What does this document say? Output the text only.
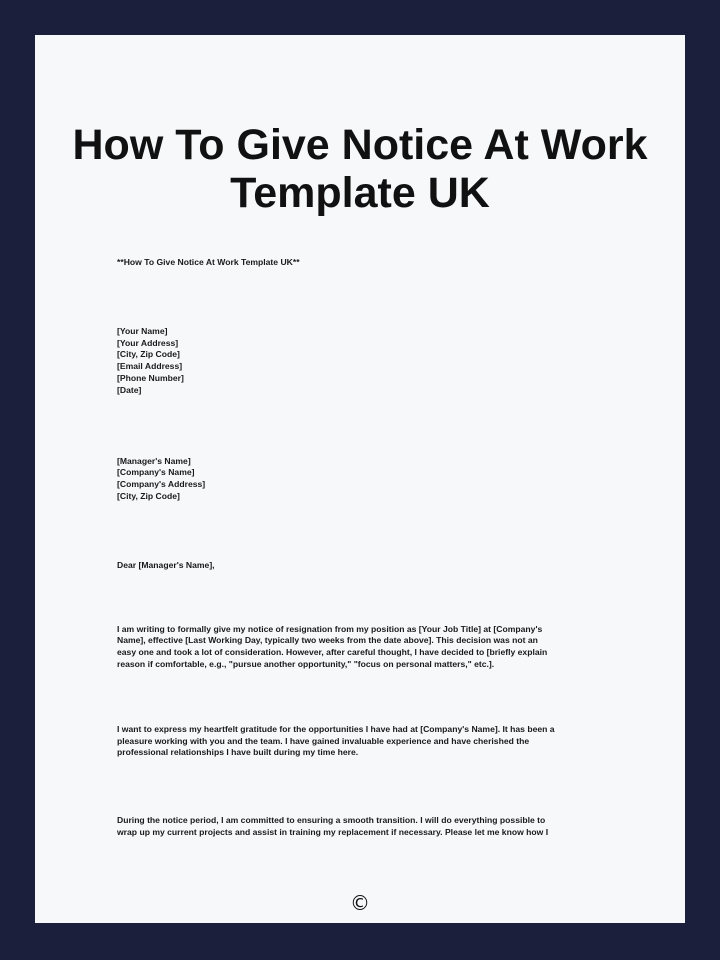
How To Give Notice At Work
Template UK
**How To Give Notice At Work Template UK**
[Your Name]
[Your Address]
[City, Zip Code]
[Email Address]
[Phone Number]
[Date]
[Manager's Name]
[Company's Name]
[Company's Address]
[City, Zip Code]
Dear [Manager's Name],
I am writing to formally give my notice of resignation from my position as [Your Job Title] at [Company's
Name], effective [Last Working Day, typically two weeks from the date above]. This decision was not an
easy one and took a lot of consideration. However, after careful thought, I have decided to [briefly explain
reason if comfortable, e.g., "pursue another opportunity," "focus on personal matters," etc.].
I want to express my heartfelt gratitude for the opportunities I have had at [Company's Name]. It has been a
pleasure working with you and the team. I have gained invaluable experience and have cherished the
professional relationships I have built during my time here.
During the notice period, I am committed to ensuring a smooth transition. I will do everything possible to
wrap up my current projects and assist in training my replacement if necessary. Please let me know how I
©
